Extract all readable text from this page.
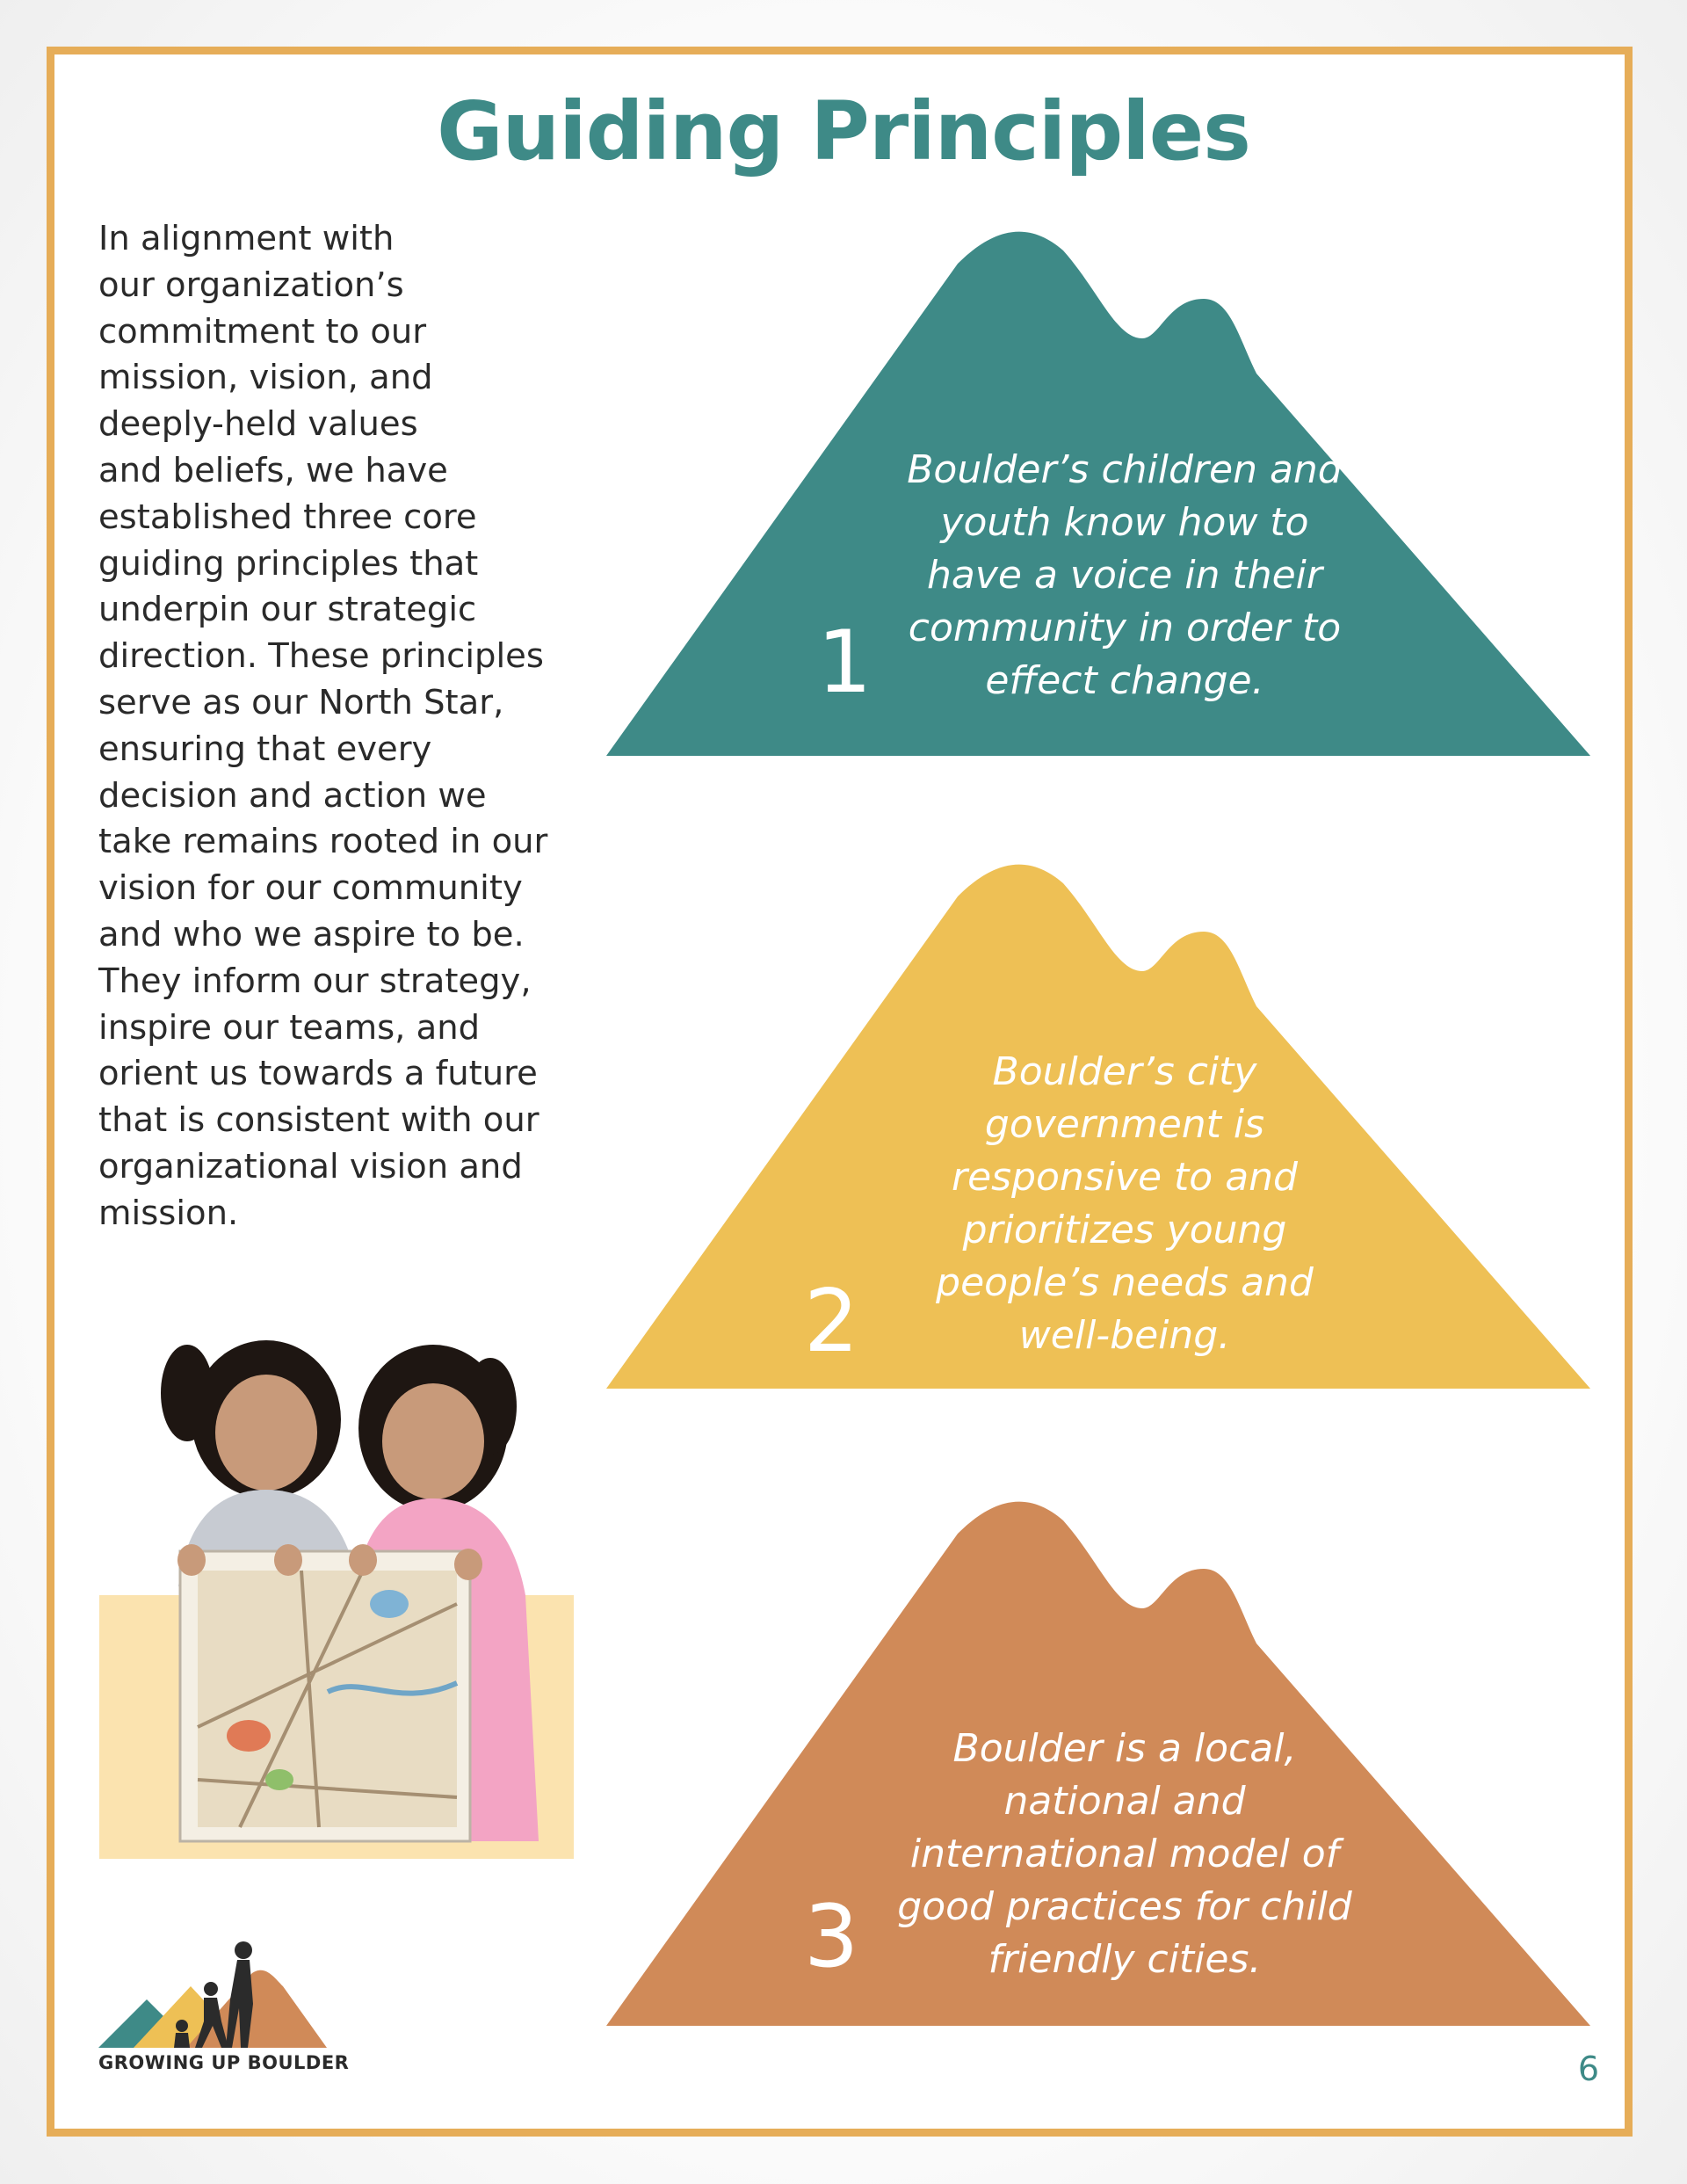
Guiding Principles
In alignment with
our organization’s
commitment to our
mission, vision, and
deeply-held values
and beliefs, we have
established three core
guiding principles that
underpin our strategic
direction. These principles
serve as our North Star,
ensuring that every
decision and action we
take remains rooted in our
vision for our community
and who we aspire to be.
They inform our strategy,
inspire our teams, and
orient us towards a future
that is consistent with our
organizational vision and
mission.
1
Boulder’s children and
youth know how to
have a voice in their
community in order to
effect change.
2
Boulder’s city
government is
responsive to and
prioritizes young
people’s needs and
well-being.
3
Boulder is a local,
national and
international model of
good practices for child
friendly cities.
GROWING UP BOULDER	6
